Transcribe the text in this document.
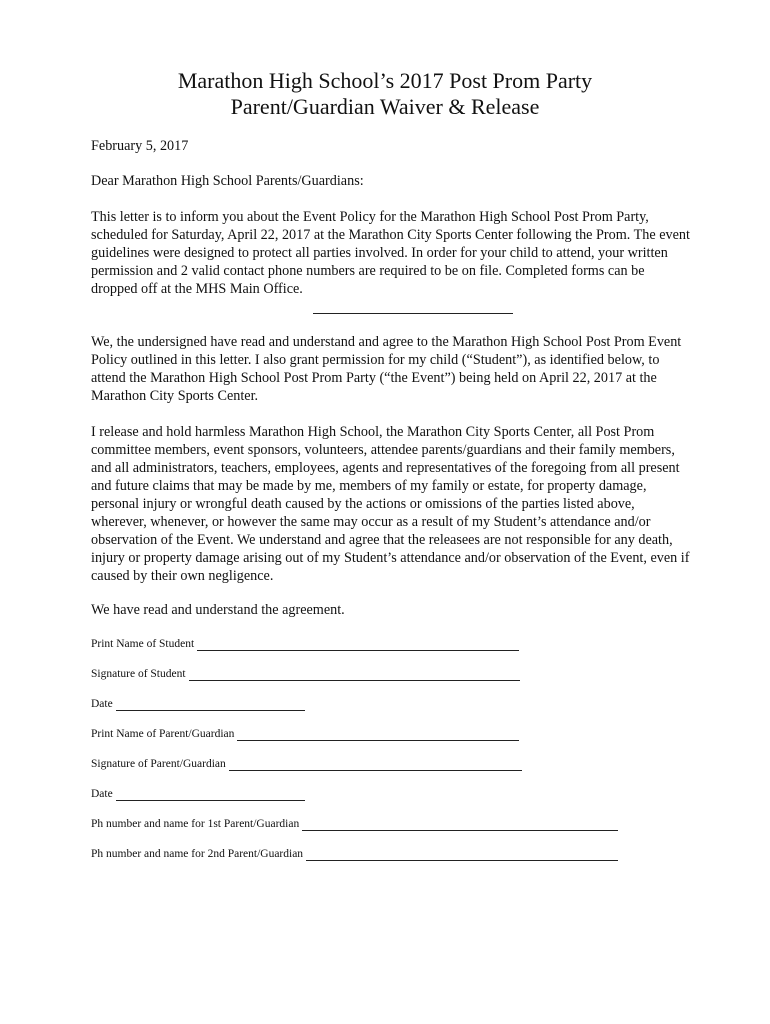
Marathon High School’s 2017 Post Prom Party
Parent/Guardian Waiver & Release

February 5, 2017

Dear Marathon High School Parents/Guardians:

This letter is to inform you about the Event Policy for the Marathon High School Post Prom Party, scheduled for Saturday, April 22, 2017 at the Marathon City Sports Center following the Prom. The event guidelines were designed to protect all parties involved. In order for your child to attend, your written permission and 2 valid contact phone numbers are required to be on file. Completed forms can be dropped off at the MHS Main Office.

We, the undersigned have read and understand and agree to the Marathon High School Post Prom Event Policy outlined in this letter. I also grant permission for my child (“Student”), as identified below, to attend the Marathon High School Post Prom Party (“the Event”) being held on April 22, 2017 at the Marathon City Sports Center.

I release and hold harmless Marathon High School, the Marathon City Sports Center, all Post Prom committee members, event sponsors, volunteers, attendee parents/guardians and their family members, and all administrators, teachers, employees, agents and representatives of the foregoing from all present and future claims that may be made by me, members of my family or estate, for property damage, personal injury or wrongful death caused by the actions or omissions of the parties listed above, wherever, whenever, or however the same may occur as a result of my Student’s attendance and/or observation of the Event. We understand and agree that the releasees are not responsible for any death, injury or property damage arising out of my Student’s attendance and/or observation of the Event, even if caused by their own negligence.

We have read and understand the agreement.

Print Name of Student
Signature of Student
Date
Print Name of Parent/Guardian
Signature of Parent/Guardian
Date
Ph number and name for 1st Parent/Guardian
Ph number and name for 2nd Parent/Guardian
